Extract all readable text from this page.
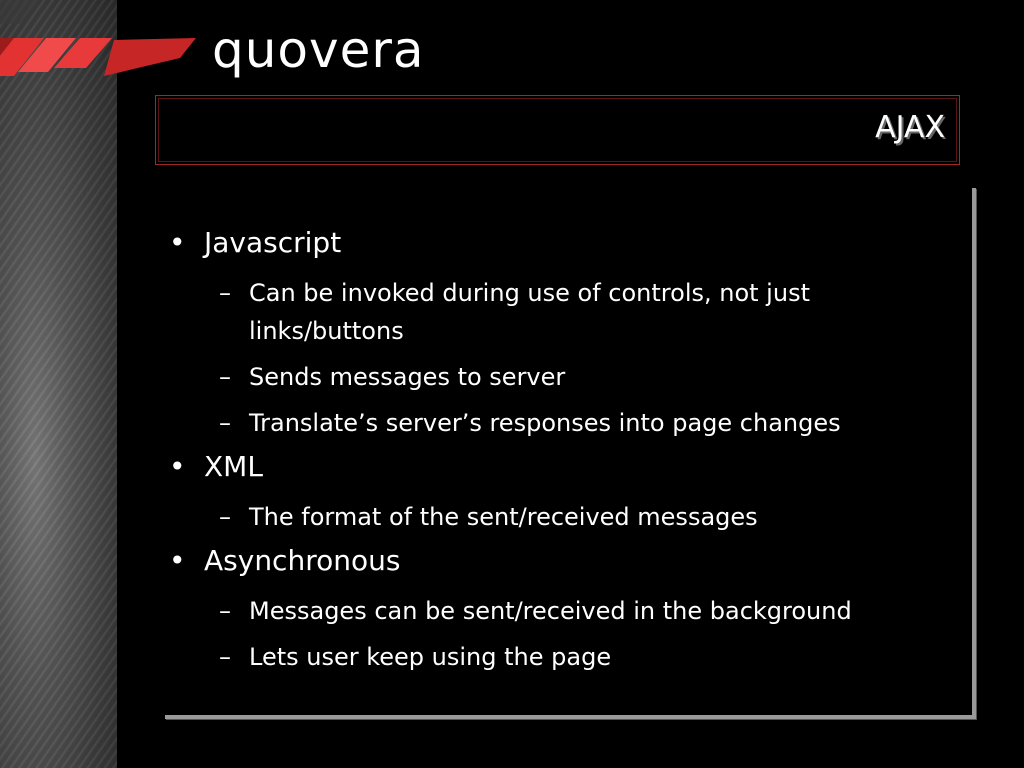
quovera
AJAX
• Javascript
– Can be invoked during use of controls, not just links/buttons
– Sends messages to server
– Translate’s server’s responses into page changes
• XML
– The format of the sent/received messages
• Asynchronous
– Messages can be sent/received in the background
– Lets user keep using the page
